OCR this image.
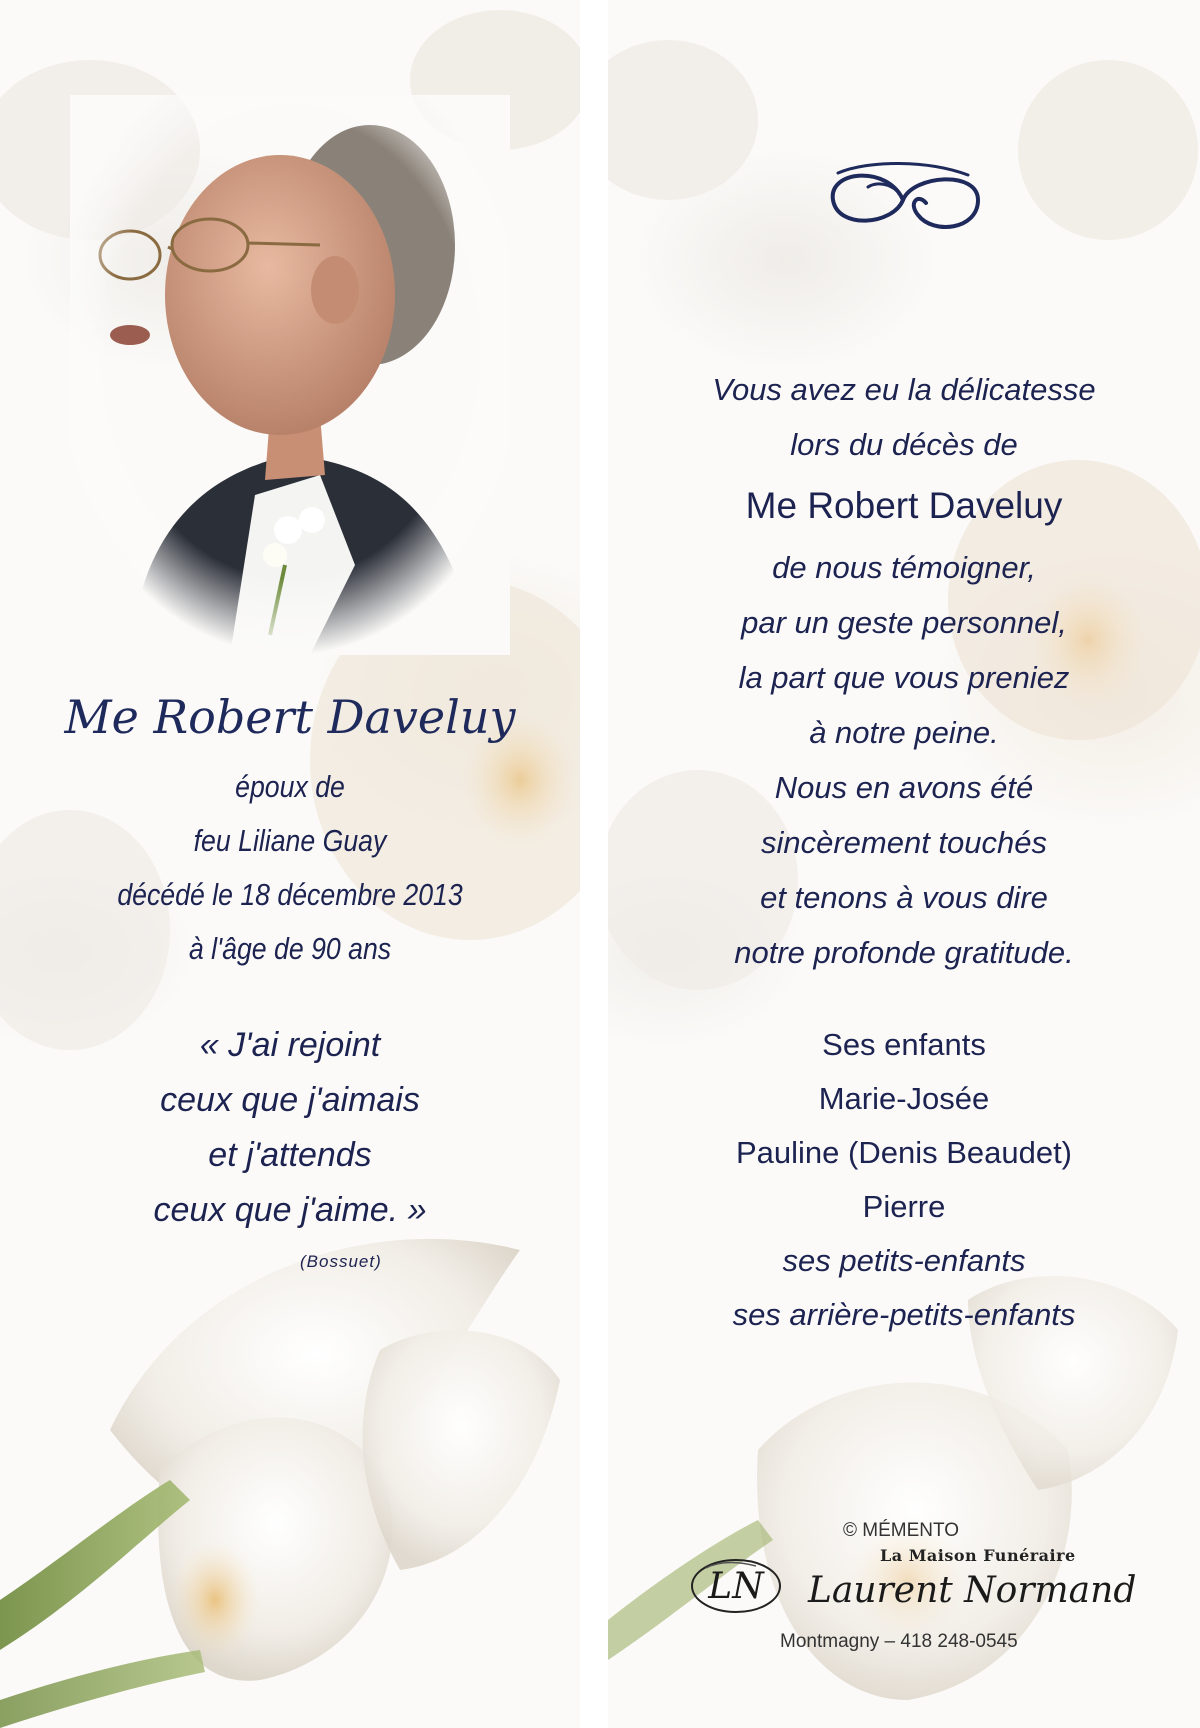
Me Robert Daveluy
époux de
feu Liliane Guay
décédé le 18 décembre 2013
à l'âge de 90 ans
« J'ai rejoint
ceux que j'aimais
et j'attends
ceux que j'aime. »
(Bossuet)
Vous avez eu la délicatesse
lors du décès de
Me Robert Daveluy
de nous témoigner,
par un geste personnel,
la part que vous preniez
à notre peine.
Nous en avons été
sincèrement touchés
et tenons à vous dire
notre profonde gratitude.
Ses enfants
Marie-Josée
Pauline (Denis Beaudet)
Pierre
ses petits-enfants
ses arrière-petits-enfants
© MÉMENTO
La Maison Funéraire
LN Laurent Normand
Montmagny – 418 248-0545
